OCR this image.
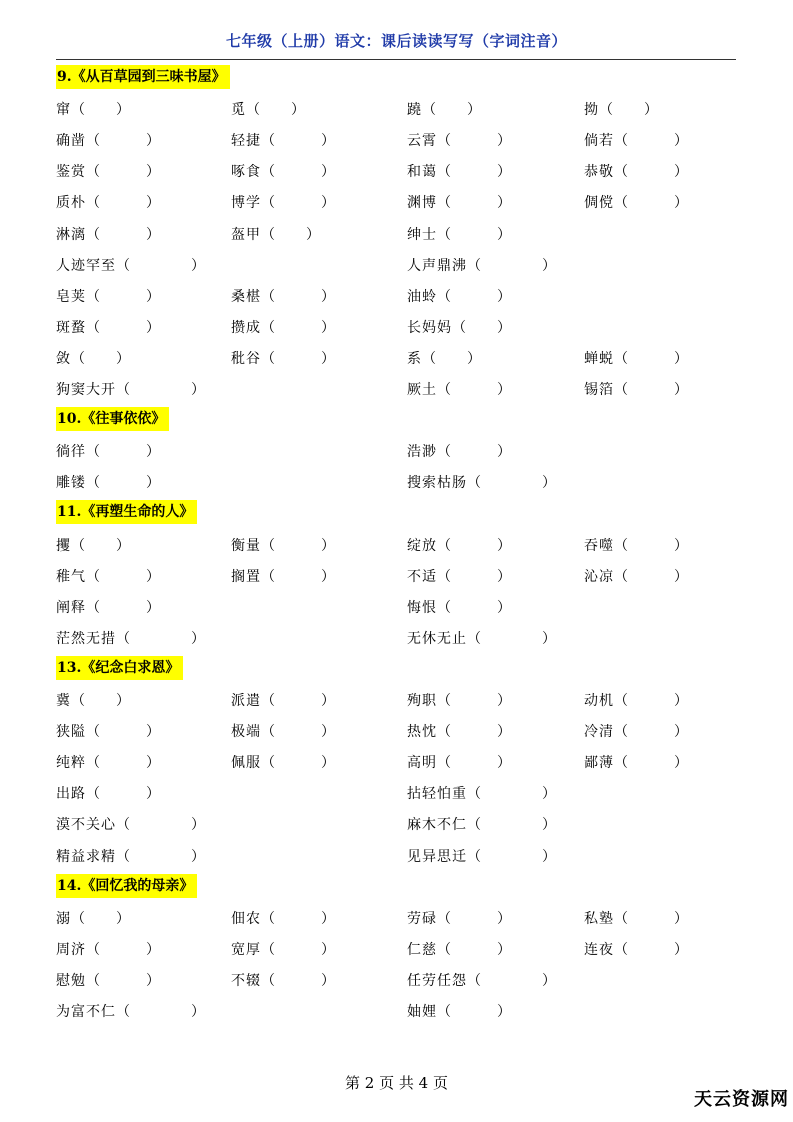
七年级（上册）语文：课后读读写写（字词注音）
9.《从百草园到三味书屋》
窜（　　）	觅（　　）	蹺（　　）	拗（　　）
确凿（　　　）	轻捷（　　　）	云霄（　　　）	倘若（　　　）
鉴赏（　　　）	啄食（　　　）	和蔼（　　　）	恭敬（　　　）
质朴（　　　）	博学（　　　）	渊博（　　　）	倜傥（　　　）
淋漓（　　　）	盔甲（　　）	绅士（　　　）
人迹罕至（　　　　）	人声鼎沸（　　　　）
皂荚（　　　）	桑椹（　　　）	油蛉（　　　）
斑蝥（　　　）	攒成（　　　）	长妈妈（　　）
敛（　　）	秕谷（　　　）	系（　　）	蝉蜕（　　　）
狗窦大开（　　　　）	厥土（　　　）	锡箔（　　　）
10.《往事依依》
徜徉（　　　）	浩渺（　　　）
雕镂（　　　）	搜索枯肠（　　　　）
11.《再塑生命的人》
攫（　　）	衡量（　　　）	绽放（　　　）	吞噬（　　　）
稚气（　　　）	搁置（　　　）	不适（　　　）	沁凉（　　　）
阐释（　　　）	悔恨（　　　）
茫然无措（　　　　）	无休无止（　　　　）
13.《纪念白求恩》
冀（　　）	派遣（　　　）	殉职（　　　）	动机（　　　）
狭隘（　　　）	极端（　　　）	热忱（　　　）	冷清（　　　）
纯粹（　　　）	佩服（　　　）	高明（　　　）	鄙薄（　　　）
出路（　　　）	拈轻怕重（　　　　）
漠不关心（　　　　）	麻木不仁（　　　　）
精益求精（　　　　）	见异思迁（　　　　）
14.《回忆我的母亲》
溺（　　）	佃农（　　　）	劳碌（　　　）	私塾（　　　）
周济（　　　）	宽厚（　　　）	仁慈（　　　）	连夜（　　　）
慰勉（　　　）	不辍（　　　）	任劳任怨（　　　　）
为富不仁（　　　　）	妯娌（　　　）
第 2 页 共 4 页
天云资源网
